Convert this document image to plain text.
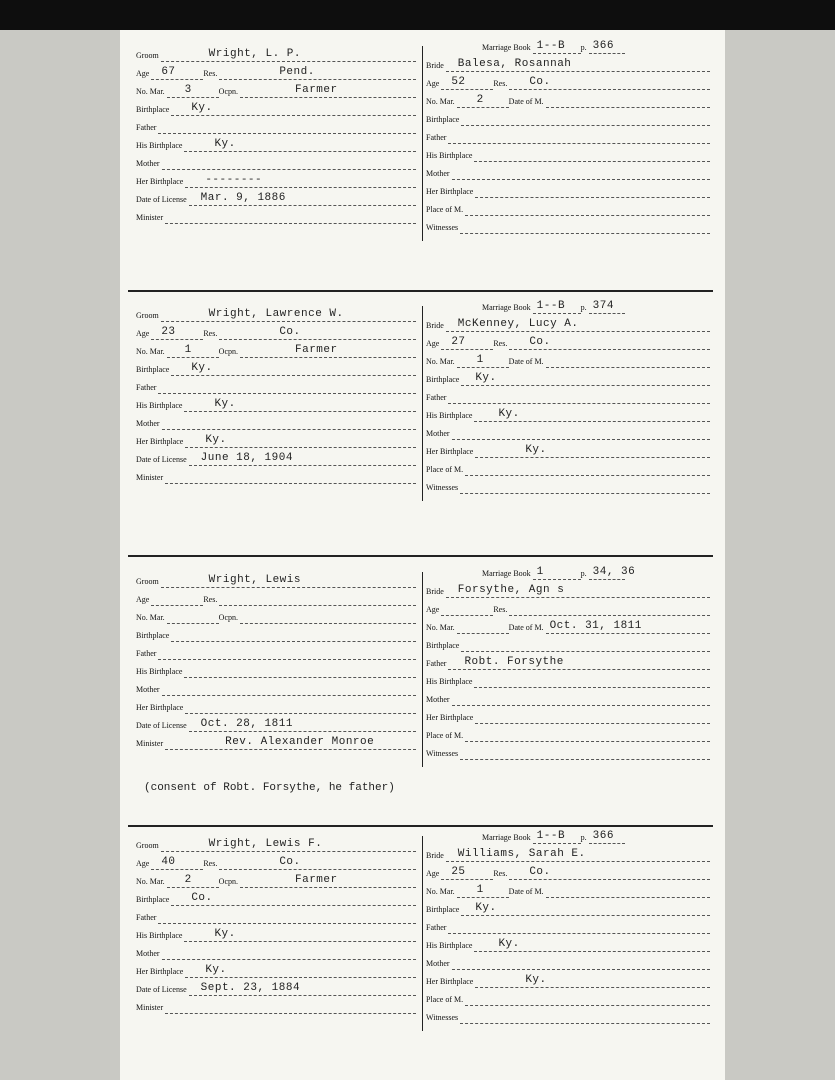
Groom	Wright, L. P.
Age 67	Res.	Pend.
No. Mar. 3	Ocpn.	Farmer
Birthplace Ky.
Father
His Birthplace	Ky.
Mother
Her Birthplace --------
Date of License Mar. 9, 1886
Minister
Marriage Book 1--B p. 366
Bride Balesa, Rosannah
Age 52	Res. Co.
No. Mar. 2	Date of M.
Birthplace
Father
His Birthplace
Mother
Her Birthplace
Place of M.
Witnesses
Groom	Wright, Lawrence W.
Age 23	Res.	Co.
No. Mar. 1	Ocpn.	Farmer
Birthplace Ky.
Father
His Birthplace	Ky.
Mother
Her Birthplace Ky.
Date of License June 18, 1904
Minister
Marriage Book 1--B p. 374
Bride McKenney, Lucy A.
Age 27	Res. Co.
No. Mar. 1	Date of M.
Birthplace Ky.
Father
His Birthplace Ky.
Mother
Her Birthplace	Ky.
Place of M.
Witnesses
Groom	Wright, Lewis
Age	Res.
No. Mar.	Ocpn.
Birthplace
Father
His Birthplace
Mother
Her Birthplace
Date of License Oct. 28, 1811
Minister	Rev. Alexander Monroe
Marriage Book 1	p. 34, 36
Bride Forsythe, Agn s
Age	Res.
No. Mar.	Date of M. Oct. 31, 1811
Birthplace
Father Robt. Forsythe
His Birthplace
Mother
Her Birthplace
Place of M.
Witnesses
(consent of Robt. Forsythe, he father)
Groom	Wright, Lewis F.
Age 40	Res.	Co.
No. Mar. 2	Ocpn.	Farmer
Birthplace Co.
Father
His Birthplace	Ky.
Mother
Her Birthplace Ky.
Date of License Sept. 23, 1884
Minister
Marriage Book 1--B p. 366
Bride Williams, Sarah E.
Age 25	Res. Co.
No. Mar. 1	Date of M.
Birthplace Ky.
Father
His Birthplace Ky.
Mother
Her Birthplace	Ky.
Place of M.
Witnesses
